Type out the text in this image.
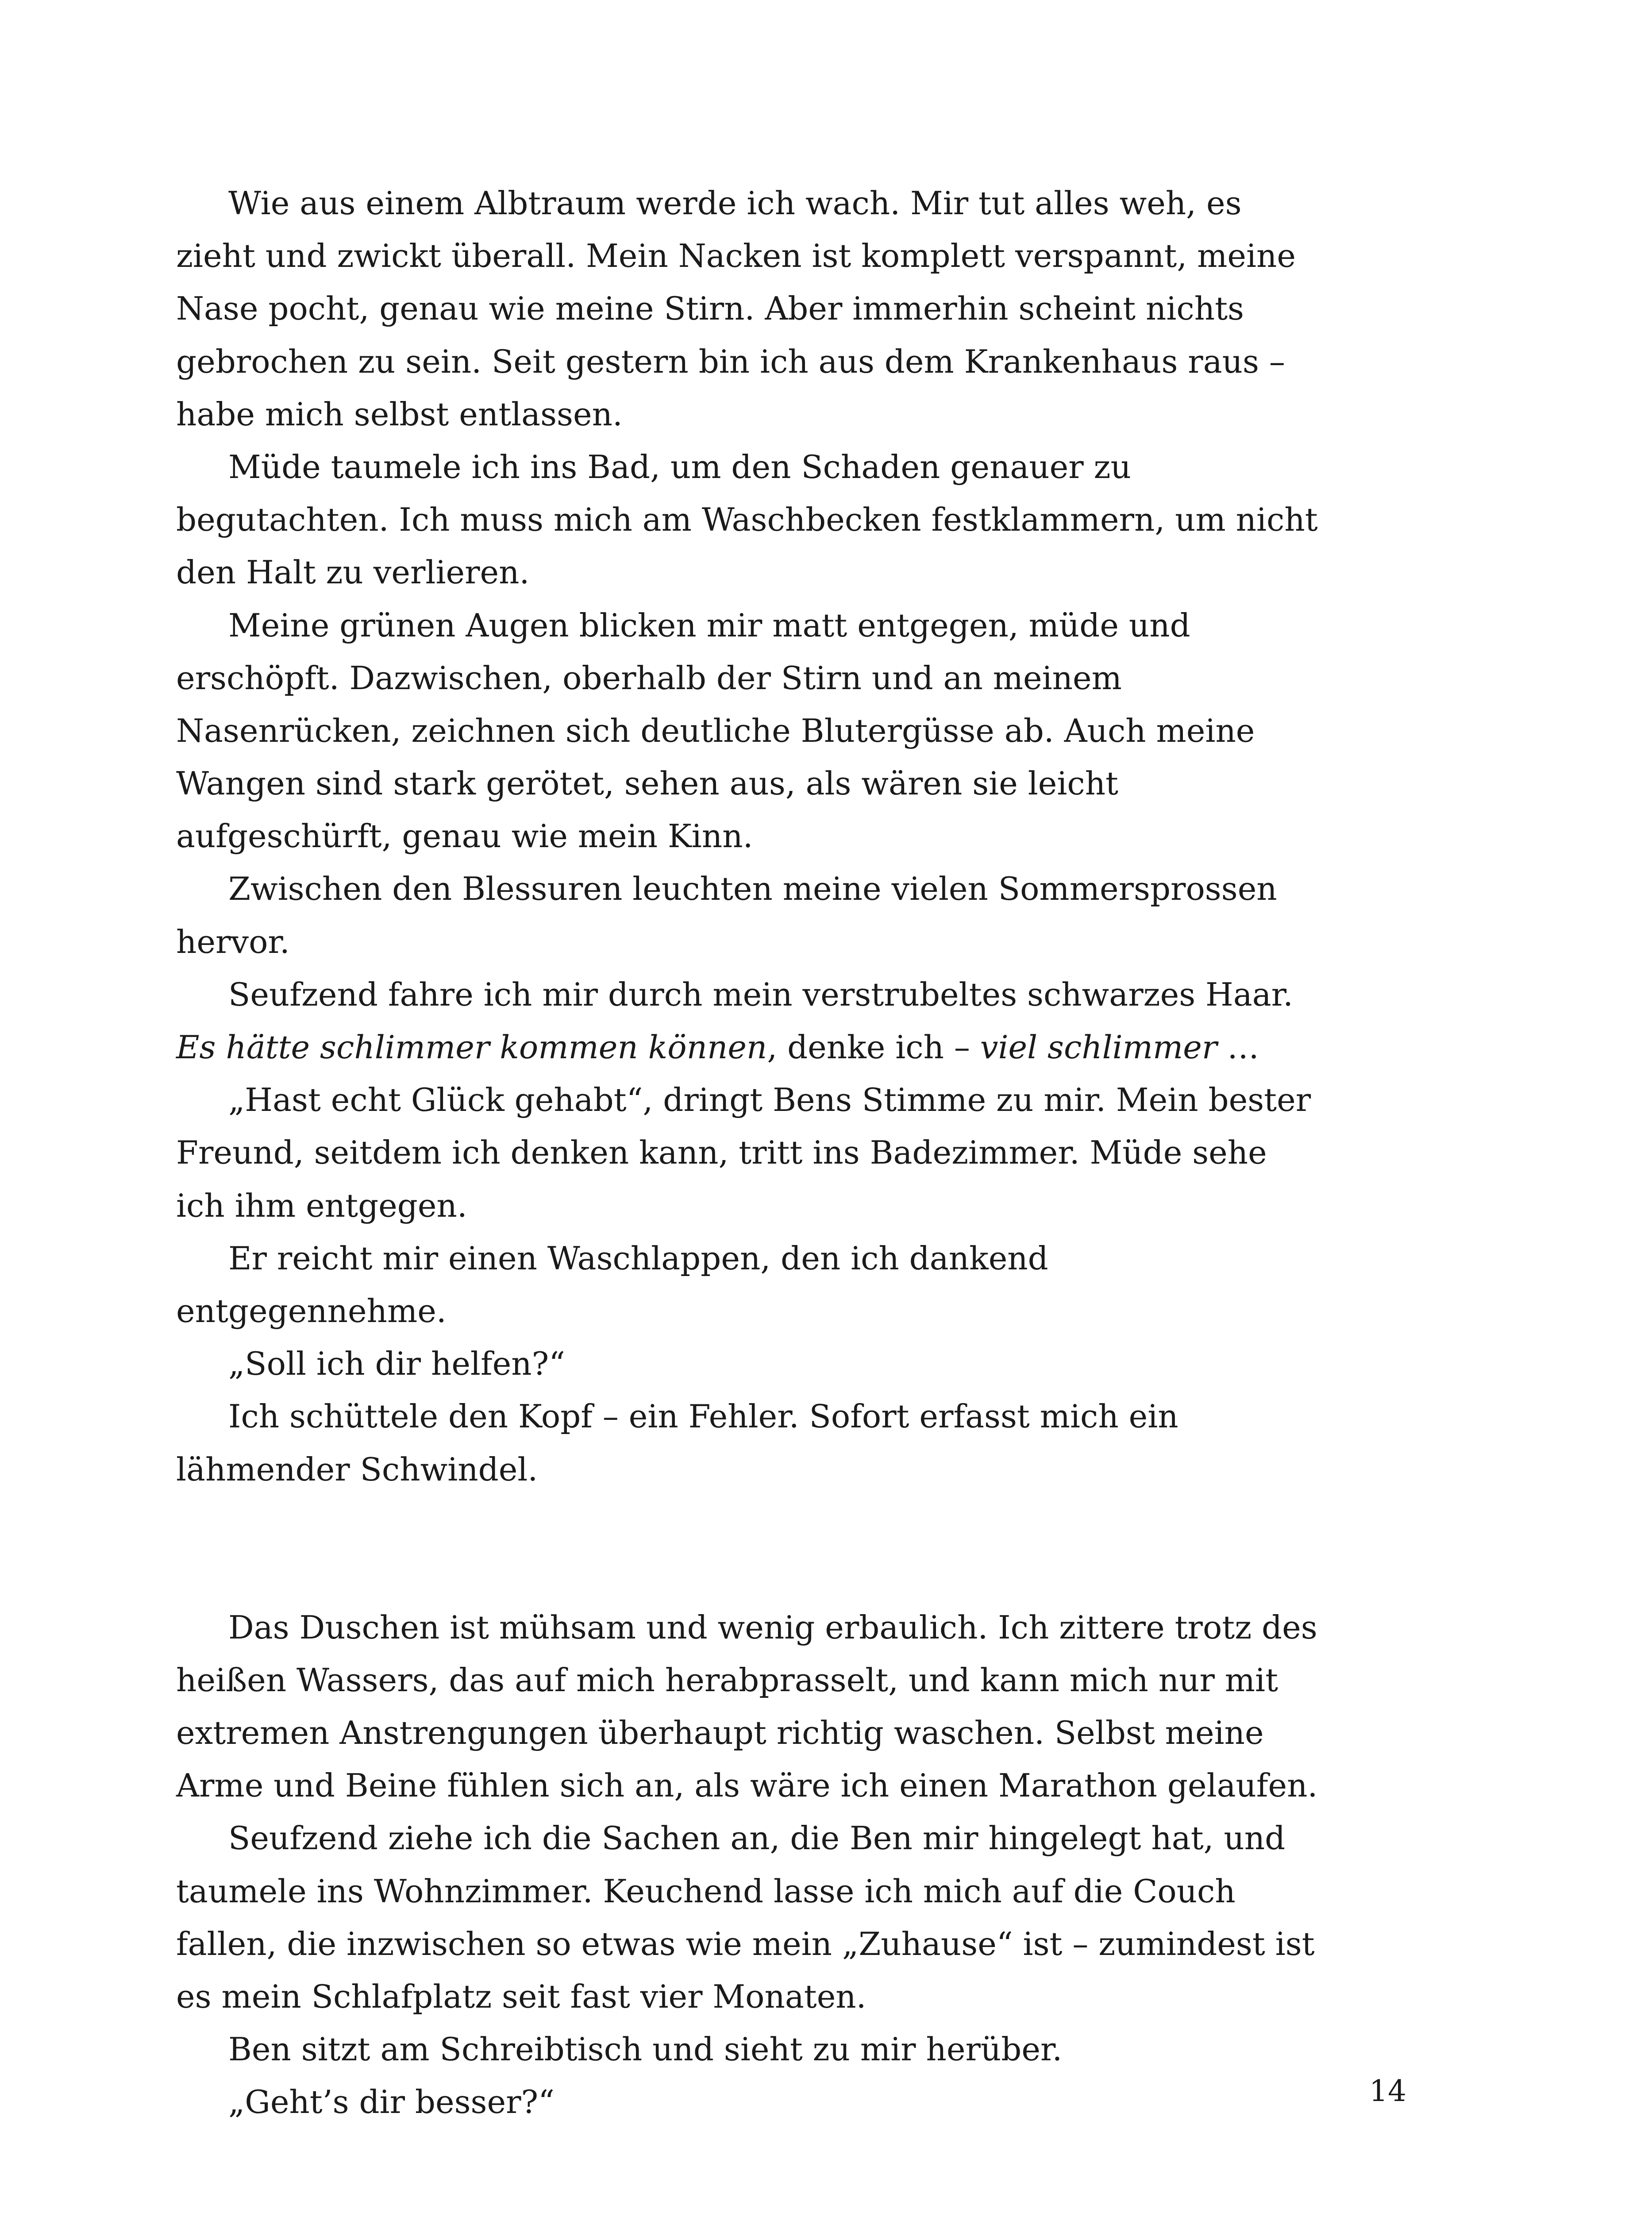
Wie aus einem Albtraum werde ich wach. Mir tut alles weh, es
zieht und zwickt überall. Mein Nacken ist komplett verspannt, meine
Nase pocht, genau wie meine Stirn. Aber immerhin scheint nichts
gebrochen zu sein. Seit gestern bin ich aus dem Krankenhaus raus –
habe mich selbst entlassen.

Müde taumele ich ins Bad, um den Schaden genauer zu
begutachten. Ich muss mich am Waschbecken festklammern, um nicht
den Halt zu verlieren.

Meine grünen Augen blicken mir matt entgegen, müde und
erschöpft. Dazwischen, oberhalb der Stirn und an meinem
Nasenrücken, zeichnen sich deutliche Blutergüsse ab. Auch meine
Wangen sind stark gerötet, sehen aus, als wären sie leicht
aufgeschürft, genau wie mein Kinn.

Zwischen den Blessuren leuchten meine vielen Sommersprossen
hervor.

Seufzend fahre ich mir durch mein verstrubeltes schwarzes Haar.
Es hätte schlimmer kommen können, denke ich – viel schlimmer …

„Hast echt Glück gehabt“, dringt Bens Stimme zu mir. Mein bester
Freund, seitdem ich denken kann, tritt ins Badezimmer. Müde sehe
ich ihm entgegen.

Er reicht mir einen Waschlappen, den ich dankend
entgegennehme.

„Soll ich dir helfen?“

Ich schüttele den Kopf – ein Fehler. Sofort erfasst mich ein
lähmender Schwindel.

Das Duschen ist mühsam und wenig erbaulich. Ich zittere trotz des
heißen Wassers, das auf mich herabprasselt, und kann mich nur mit
extremen Anstrengungen überhaupt richtig waschen. Selbst meine
Arme und Beine fühlen sich an, als wäre ich einen Marathon gelaufen.

Seufzend ziehe ich die Sachen an, die Ben mir hingelegt hat, und
taumele ins Wohnzimmer. Keuchend lasse ich mich auf die Couch
fallen, die inzwischen so etwas wie mein „Zuhause“ ist – zumindest ist
es mein Schlafplatz seit fast vier Monaten.

Ben sitzt am Schreibtisch und sieht zu mir herüber.

„Geht’s dir besser?“	14
